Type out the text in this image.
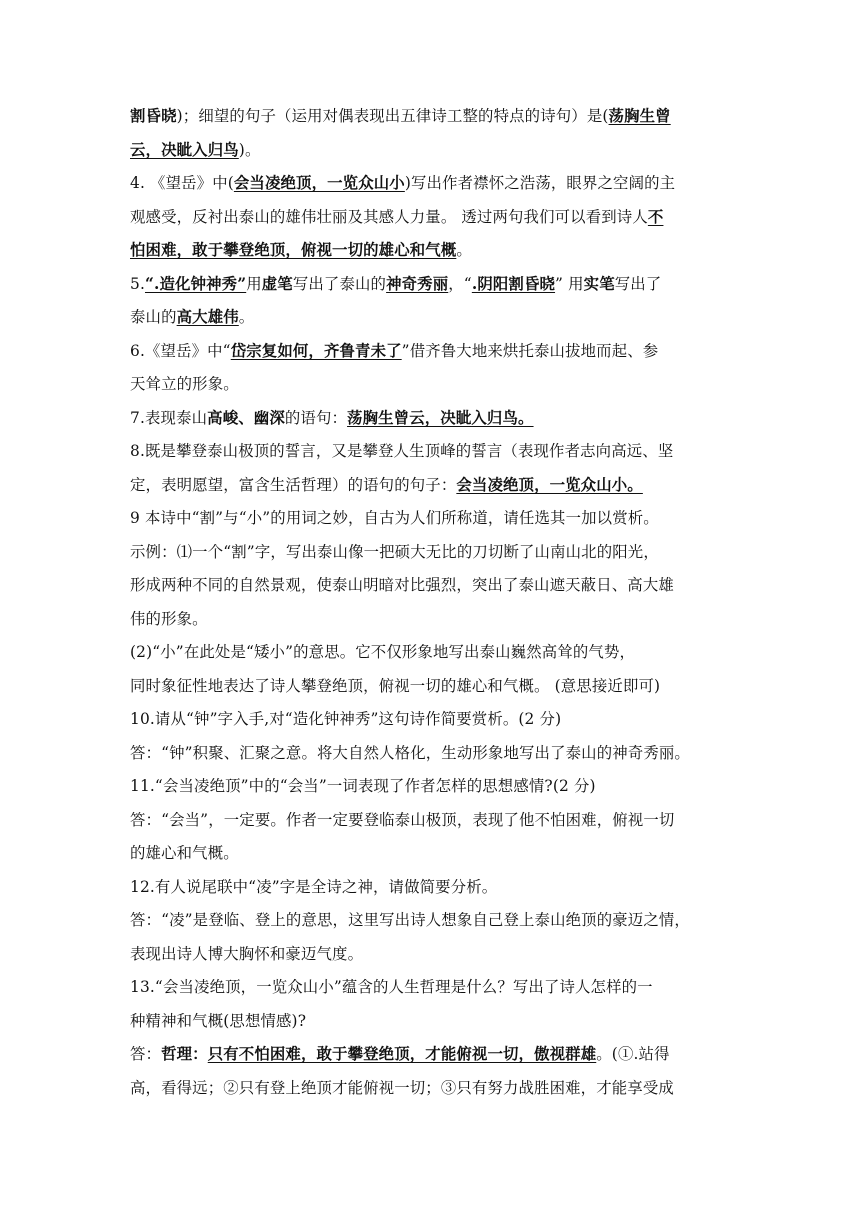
割昏晓)；细望的句子（运用对偶表现出五律诗工整的特点的诗句）是(荡胸生曾
云，决眦入归鸟)。
4. 《望岳》中(会当凌绝顶，一览众山小)写出作者襟怀之浩荡，眼界之空阔的主
观感受，反衬出泰山的雄伟壮丽及其感人力量。 透过两句我们可以看到诗人不
怕困难，敢于攀登绝顶，俯视一切的雄心和气概。
5.“.造化钟神秀”用虚笔写出了泰山的神奇秀丽，“.阴阳割昏晓” 用实笔写出了
泰山的高大雄伟。
6.《望岳》中“岱宗复如何，齐鲁青未了”借齐鲁大地来烘托泰山拔地而起、参
天耸立的形象。
7.表现泰山高峻、幽深的语句：荡胸生曾云，决眦入归鸟。
8.既是攀登泰山极顶的誓言，又是攀登人生顶峰的誓言（表现作者志向高远、坚
定，表明愿望，富含生活哲理）的语句的句子：会当凌绝顶，一览众山小。
9 本诗中“割”与“小”的用词之妙，自古为人们所称道，请任选其一加以赏析。
示例：⑴一个“割”字，写出泰山像一把硕大无比的刀切断了山南山北的阳光，
形成两种不同的自然景观，使泰山明暗对比强烈，突出了泰山遮天蔽日、高大雄
伟的形象。
(2)“小”在此处是“矮小”的意思。它不仅形象地写出泰山巍然高耸的气势，
同时象征性地表达了诗人攀登绝顶，俯视一切的雄心和气概。 (意思接近即可)
10.请从“钟”字入手,对“造化钟神秀”这句诗作简要赏析。(2 分)
答：“钟”积聚、汇聚之意。将大自然人格化，生动形象地写出了泰山的神奇秀丽。
11.“会当凌绝顶”中的“会当”一词表现了作者怎样的思想感情?(2 分)
答：“会当”，一定要。作者一定要登临泰山极顶，表现了他不怕困难，俯视一切
的雄心和气概。
12.有人说尾联中“凌”字是全诗之神，请做简要分析。
答：“凌”是登临、登上的意思，这里写出诗人想象自己登上泰山绝顶的豪迈之情，
表现出诗人博大胸怀和豪迈气度。
13.“会当凌绝顶，一览众山小”蕴含的人生哲理是什么？写出了诗人怎样的一
种精神和气概(思想情感)?
答：哲理：只有不怕困难，敢于攀登绝顶，才能俯视一切，傲视群雄。(①.站得
高，看得远；②只有登上绝顶才能俯视一切；③只有努力战胜困难，才能享受成
